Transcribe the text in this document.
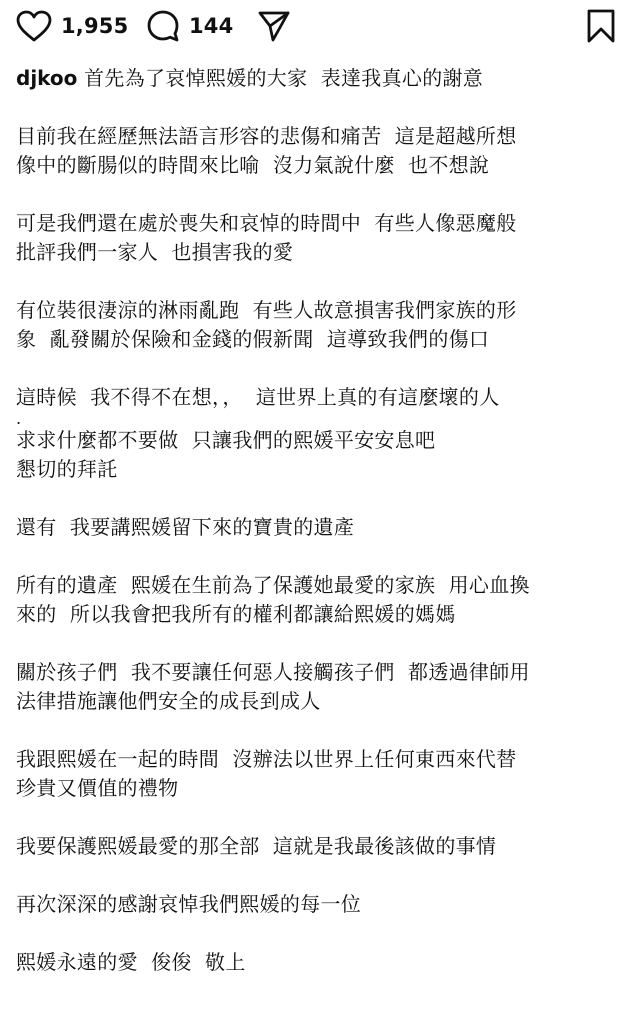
1,955	144

djkoo 首先為了哀悼熙媛的大家  表達我真心的謝意

目前我在經歷無法語言形容的悲傷和痛苦  這是超越所想
像中的斷腸似的時間來比喻  沒力氣說什麼  也不想說

可是我們還在處於喪失和哀悼的時間中  有些人像惡魔般
批評我們一家人  也損害我的愛

有位裝很淒涼的淋雨亂跑  有些人故意損害我們家族的形
象  亂發關於保險和金錢的假新聞  這導致我們的傷口

這時候  我不得不在想，，  這世界上真的有這麼壞的人

.

求求什麼都不要做  只讓我們的熙媛平安安息吧
懇切的拜託

還有  我要講熙媛留下來的寶貴的遺產

所有的遺產  熙媛在生前為了保護她最愛的家族  用心血換
來的  所以我會把我所有的權利都讓給熙媛的媽媽

關於孩子們  我不要讓任何惡人接觸孩子們  都透過律師用
法律措施讓他們安全的成長到成人

我跟熙媛在一起的時間  沒辦法以世界上任何東西來代替
珍貴又價值的禮物

我要保護熙媛最愛的那全部  這就是我最後該做的事情

再次深深的感謝哀悼我們熙媛的每一位

熙媛永遠的愛  俊俊  敬上
